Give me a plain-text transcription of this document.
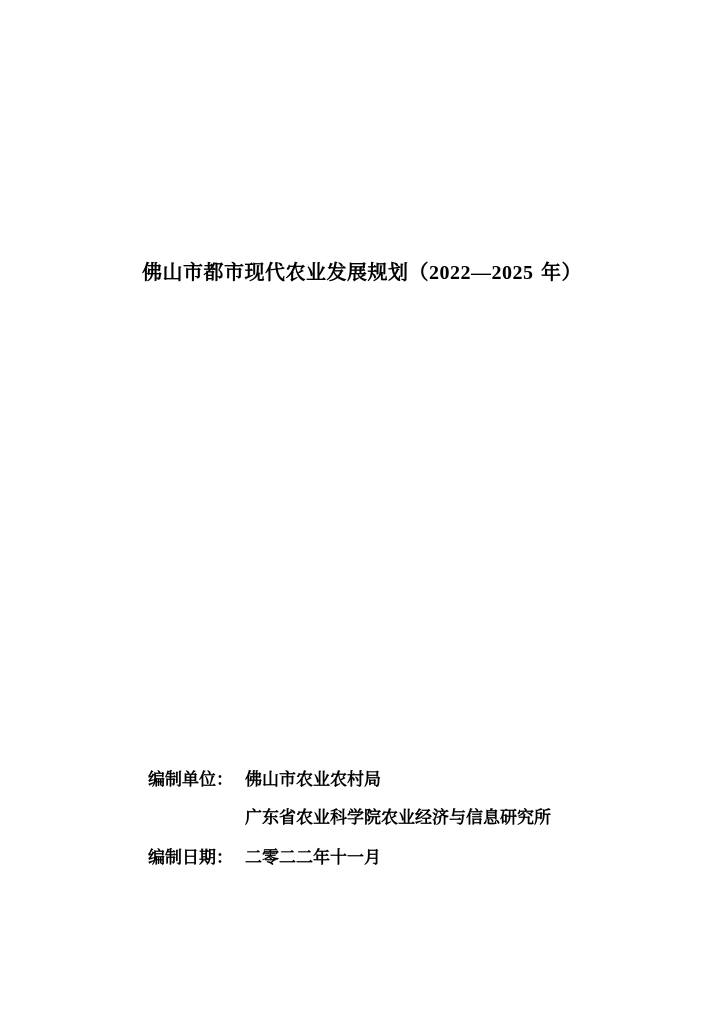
佛山市都市现代农业发展规划（2022—2025 年）
编制单位： 佛山市农业农村局
广东省农业科学院农业经济与信息研究所
编制日期： 二零二二年十一月
